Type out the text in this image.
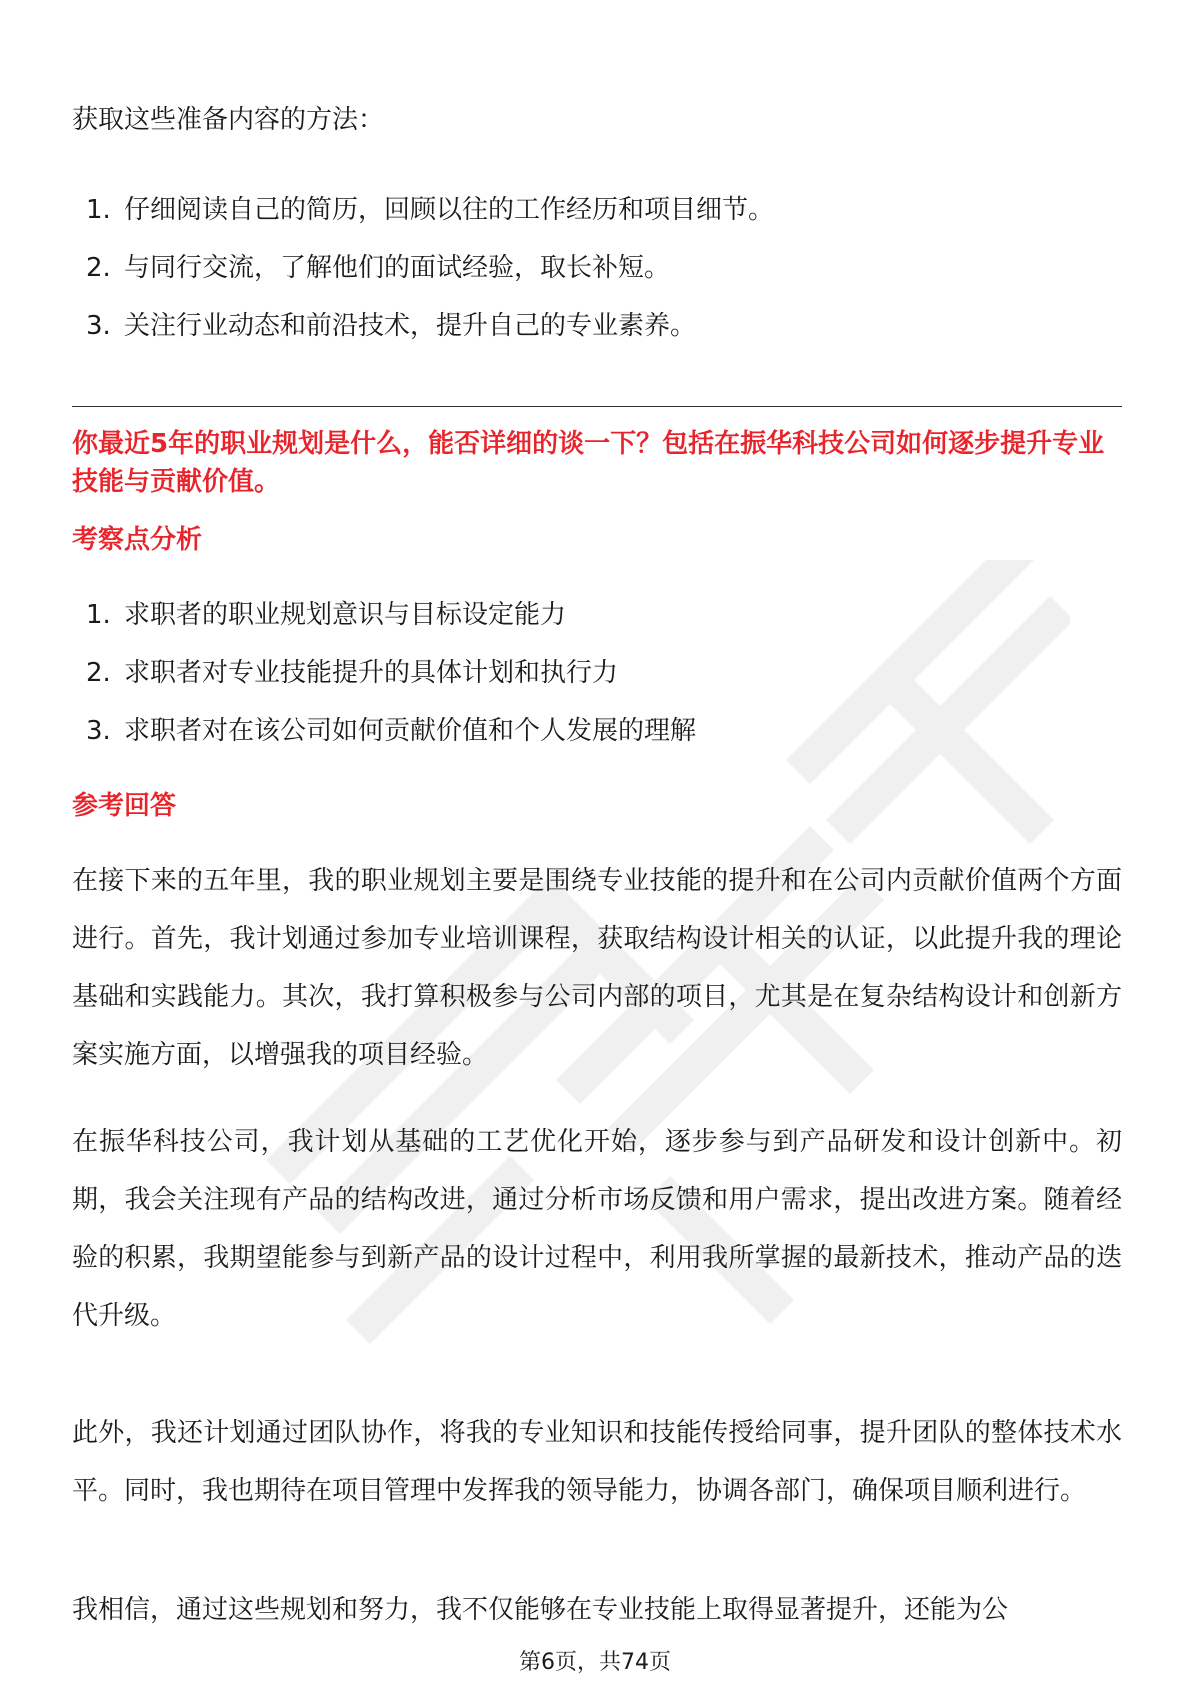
获取这些准备内容的方法：

1. 仔细阅读自己的简历，回顾以往的工作经历和项目细节。
2. 与同行交流，了解他们的面试经验，取长补短。
3. 关注行业动态和前沿技术，提升自己的专业素养。

你最近5年的职业规划是什么，能否详细的谈一下？包括在振华科技公司如何逐步提升专业技能与贡献价值。

考察点分析

1. 求职者的职业规划意识与目标设定能力
2. 求职者对专业技能提升的具体计划和执行力
3. 求职者对在该公司如何贡献价值和个人发展的理解

参考回答

在接下来的五年里，我的职业规划主要是围绕专业技能的提升和在公司内贡献价值两个方面进行。首先，我计划通过参加专业培训课程，获取结构设计相关的认证，以此提升我的理论基础和实践能力。其次，我打算积极参与公司内部的项目，尤其是在复杂结构设计和创新方案实施方面，以增强我的项目经验。

在振华科技公司，我计划从基础的工艺优化开始，逐步参与到产品研发和设计创新中。初期，我会关注现有产品的结构改进，通过分析市场反馈和用户需求，提出改进方案。随着经验的积累，我期望能参与到新产品的设计过程中，利用我所掌握的最新技术，推动产品的迭代升级。

此外，我还计划通过团队协作，将我的专业知识和技能传授给同事，提升团队的整体技术水平。同时，我也期待在项目管理中发挥我的领导能力，协调各部门，确保项目顺利进行。

我相信，通过这些规划和努力，我不仅能够在专业技能上取得显著提升，还能为公

第6页，共74页
